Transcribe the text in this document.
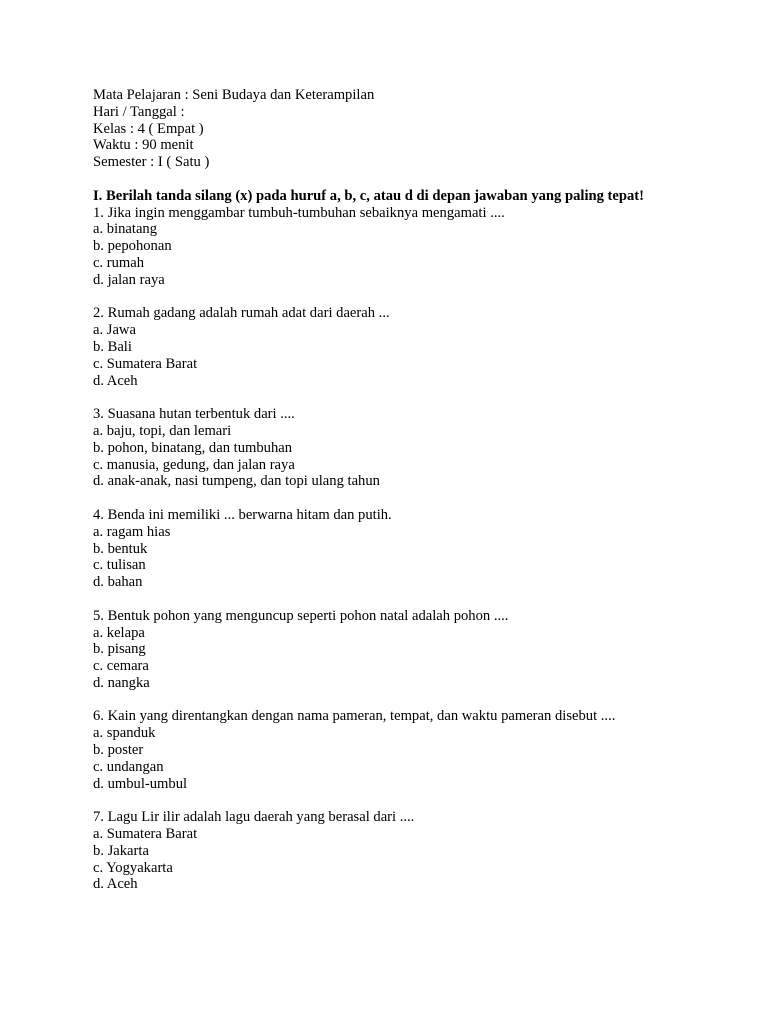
Mata Pelajaran : Seni Budaya dan Keterampilan
Hari / Tanggal :
Kelas : 4 ( Empat )
Waktu : 90 menit
Semester : I ( Satu )
I. Berilah tanda silang (x) pada huruf a, b, c, atau d di depan jawaban yang paling tepat!
1. Jika ingin menggambar tumbuh-tumbuhan sebaiknya mengamati ....
a. binatang
b. pepohonan
c. rumah
d. jalan raya
2. Rumah gadang adalah rumah adat dari daerah ...
a. Jawa
b. Bali
c. Sumatera Barat
d. Aceh
3. Suasana hutan terbentuk dari ....
a. baju, topi, dan lemari
b. pohon, binatang, dan tumbuhan
c. manusia, gedung, dan jalan raya
d. anak-anak, nasi tumpeng, dan topi ulang tahun
4. Benda ini memiliki ... berwarna hitam dan putih.
a. ragam hias
b. bentuk
c. tulisan
d. bahan
5. Bentuk pohon yang menguncup seperti pohon natal adalah pohon ....
a. kelapa
b. pisang
c. cemara
d. nangka
6. Kain yang direntangkan dengan nama pameran, tempat, dan waktu pameran disebut ....
a. spanduk
b. poster
c. undangan
d. umbul-umbul
7. Lagu Lir ilir adalah lagu daerah yang berasal dari ....
a. Sumatera Barat
b. Jakarta
c. Yogyakarta
d. Aceh
